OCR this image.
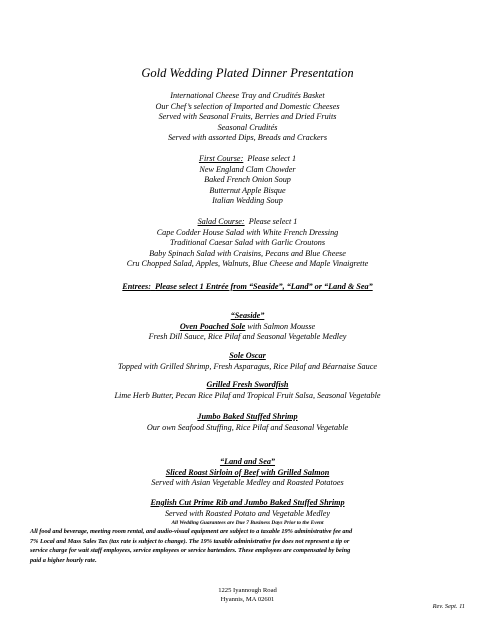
Gold Wedding Plated Dinner Presentation
International Cheese Tray and Crudités Basket
Our Chef’s selection of Imported and Domestic Cheeses
Served with Seasonal Fruits, Berries and Dried Fruits
Seasonal Crudités
Served with assorted Dips, Breads and Crackers
First Course: Please select 1
New England Clam Chowder
Baked French Onion Soup
Butternut Apple Bisque
Italian Wedding Soup
Salad Course: Please select 1
Cape Codder House Salad with White French Dressing
Traditional Caesar Salad with Garlic Croutons
Baby Spinach Salad with Craisins, Pecans and Blue Cheese
Cru Chopped Salad, Apples, Walnuts, Blue Cheese and Maple Vinaigrette
Entrees: Please select 1 Entrée from “Seaside”, “Land” or “Land & Sea”
“Seaside”
Oven Poached Sole with Salmon Mousse
Fresh Dill Sauce, Rice Pilaf and Seasonal Vegetable Medley
Sole Oscar
Topped with Grilled Shrimp, Fresh Asparagus, Rice Pilaf and Béarnaise Sauce
Grilled Fresh Swordfish
Lime Herb Butter, Pecan Rice Pilaf and Tropical Fruit Salsa, Seasonal Vegetable
Jumbo Baked Stuffed Shrimp
Our own Seafood Stuffing, Rice Pilaf and Seasonal Vegetable
“Land and Sea”
Sliced Roast Sirloin of Beef with Grilled Salmon
Served with Asian Vegetable Medley and Roasted Potatoes
English Cut Prime Rib and Jumbo Baked Stuffed Shrimp
Served with Roasted Potato and Vegetable Medley
All Wedding Guarantees are Due 7 Business Days Prior to the Event
All food and beverage, meeting room rental, and audio-visual equipment are subject to a taxable 19% administrative fee and
7% Local and Mass Sales Tax (tax rate is subject to change). The 19% taxable administrative fee does not represent a tip or
service charge for wait staff employees, service employees or service bartenders. These employees are compensated by being
paid a higher hourly rate.
1225 Iyannough Road
Hyannis, MA 02601
Rev. Sept. 11
